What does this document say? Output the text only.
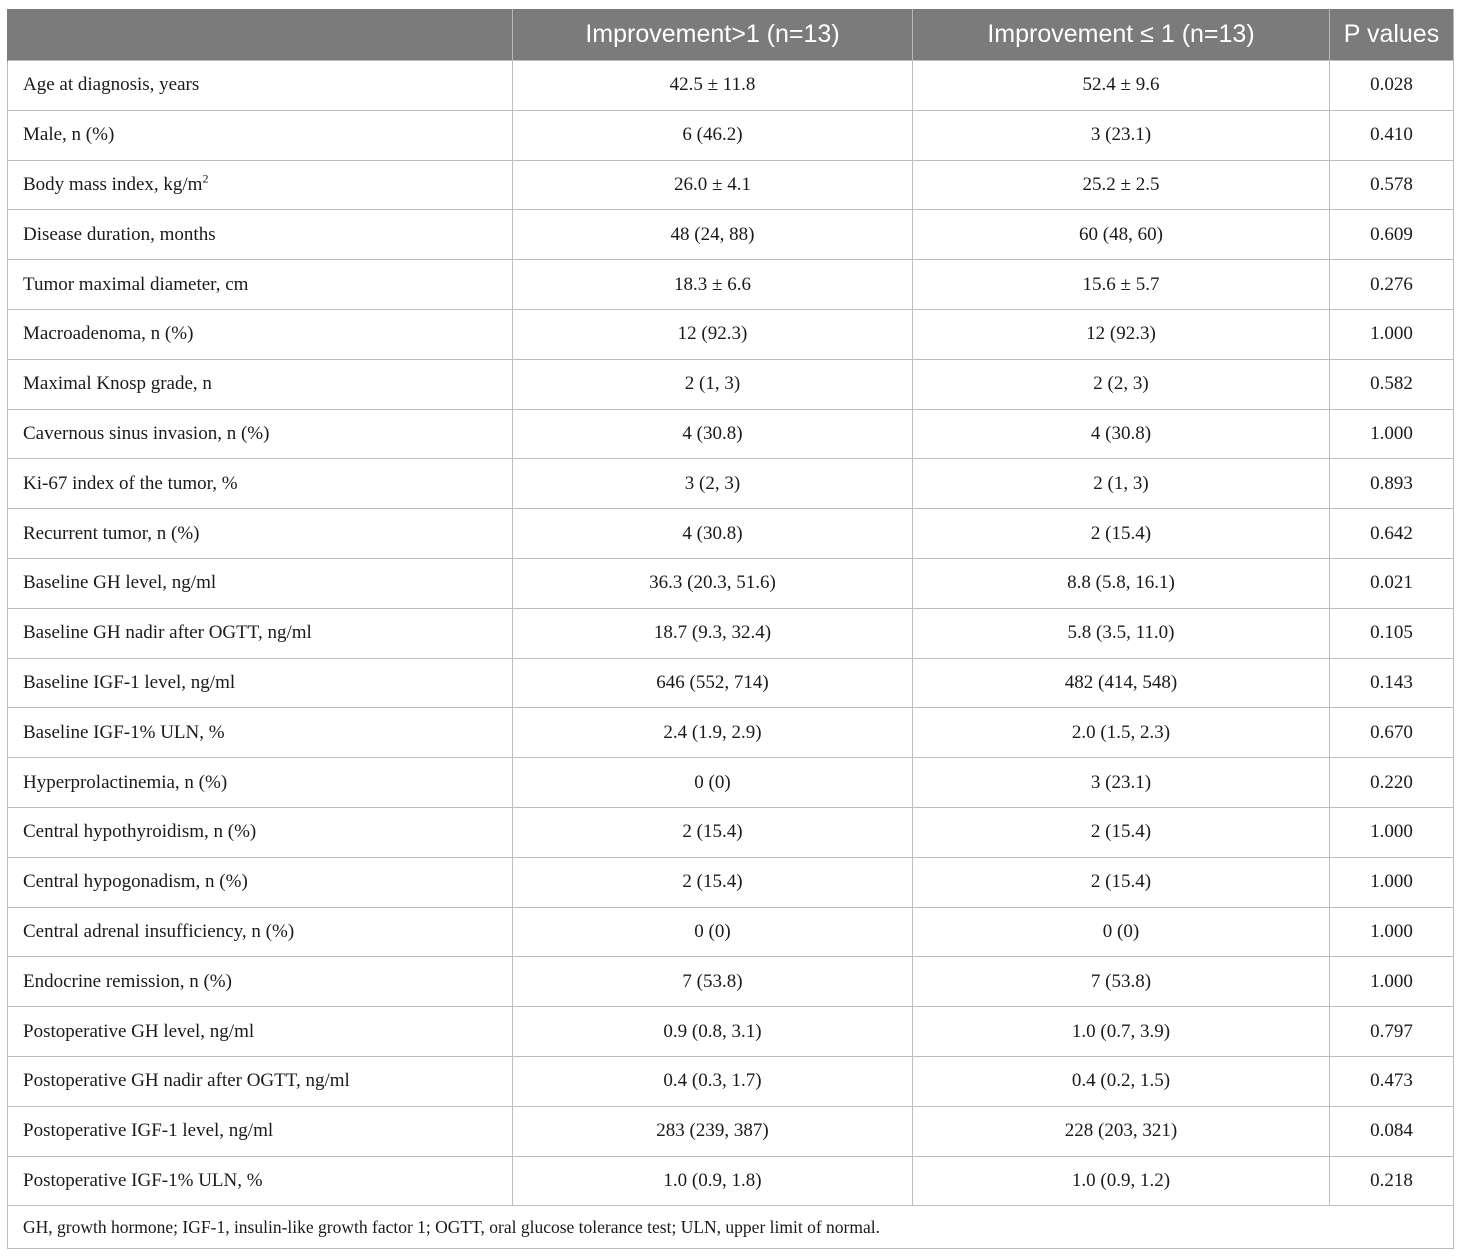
	Improvement>1 (n=13)	Improvement ≤ 1 (n=13)	P values
Age at diagnosis, years	42.5 ± 11.8	52.4 ± 9.6	0.028
Male, n (%)	6 (46.2)	3 (23.1)	0.410
Body mass index, $kg/m^2$	26.0 ± 4.1	25.2 ± 2.5	0.578
Disease duration, months	48 (24, 88)	60 (48, 60)	0.609
Tumor maximal diameter, cm	18.3 ± 6.6	15.6 ± 5.7	0.276
Macroadenoma, n (%)	12 (92.3)	12 (92.3)	1.000
Maximal Knosp grade, n	2 (1, 3)	2 (2, 3)	0.582
Cavernous sinus invasion, n (%)	4 (30.8)	4 (30.8)	1.000
Ki-67 index of the tumor, %	3 (2, 3)	2 (1, 3)	0.893
Recurrent tumor, n (%)	4 (30.8)	2 (15.4)	0.642
Baseline GH level, ng/ml	36.3 (20.3, 51.6)	8.8 (5.8, 16.1)	0.021
Baseline GH nadir after OGTT, ng/ml	18.7 (9.3, 32.4)	5.8 (3.5, 11.0)	0.105
Baseline IGF-1 level, ng/ml	646 (552, 714)	482 (414, 548)	0.143
Baseline IGF-1% ULN, %	2.4 (1.9, 2.9)	2.0 (1.5, 2.3)	0.670
Hyperprolactinemia, n (%)	0 (0)	3 (23.1)	0.220
Central hypothyroidism, n (%)	2 (15.4)	2 (15.4)	1.000
Central hypogonadism, n (%)	2 (15.4)	2 (15.4)	1.000
Central adrenal insufficiency, n (%)	0 (0)	0 (0)	1.000
Endocrine remission, n (%)	7 (53.8)	7 (53.8)	1.000
Postoperative GH level, ng/ml	0.9 (0.8, 3.1)	1.0 (0.7, 3.9)	0.797
Postoperative GH nadir after OGTT, ng/ml	0.4 (0.3, 1.7)	0.4 (0.2, 1.5)	0.473
Postoperative IGF-1 level, ng/ml	283 (239, 387)	228 (203, 321)	0.084
Postoperative IGF-1% ULN, %	1.0 (0.9, 1.8)	1.0 (0.9, 1.2)	0.218
GH, growth hormone; IGF-1, insulin-like growth factor 1; OGTT, oral glucose tolerance test; ULN, upper limit of normal.			
